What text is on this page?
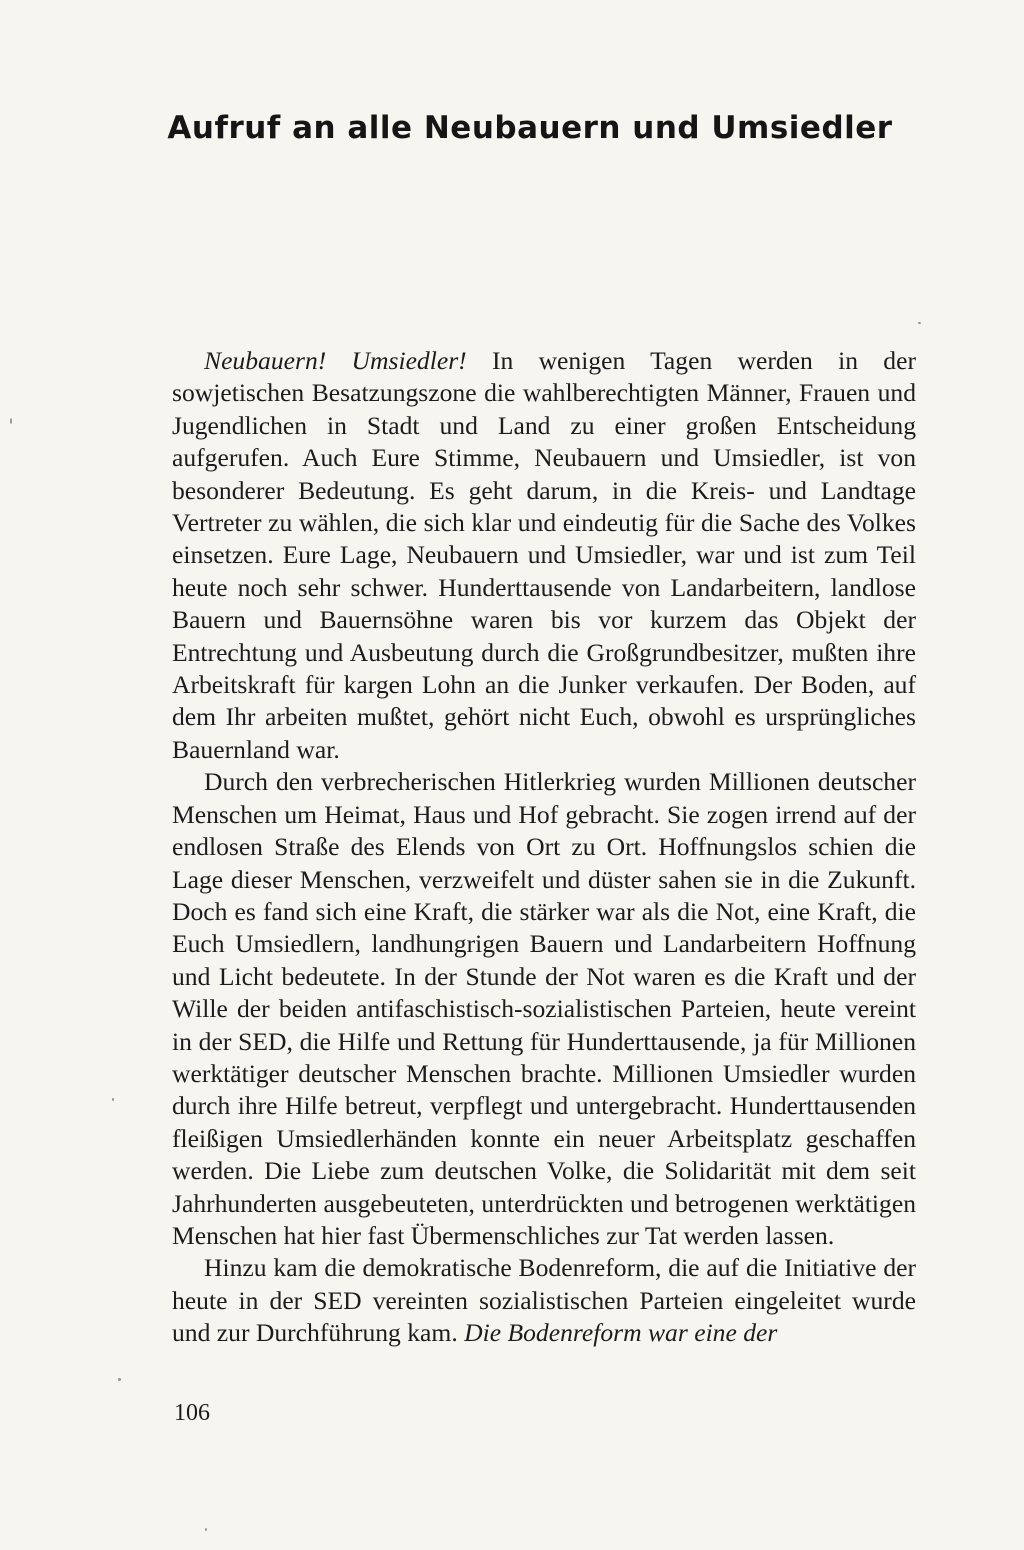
Aufruf an alle Neubauern und Umsiedler

Neubauern! Umsiedler! In wenigen Tagen werden in der sowjetischen Besatzungszone die wahlberechtigten Männer, Frauen und Jugendlichen in Stadt und Land zu einer großen Entscheidung aufgerufen. Auch Eure Stimme, Neubauern und Umsiedler, ist von besonderer Bedeutung. Es geht darum, in die Kreis- und Landtage Vertreter zu wählen, die sich klar und eindeutig für die Sache des Volkes einsetzen. Eure Lage, Neubauern und Umsiedler, war und ist zum Teil heute noch sehr schwer. Hunderttausende von Landarbeitern, landlose Bauern und Bauernsöhne waren bis vor kurzem das Objekt der Entrechtung und Ausbeutung durch die Großgrundbesitzer, mußten ihre Arbeitskraft für kargen Lohn an die Junker verkaufen. Der Boden, auf dem Ihr arbeiten mußtet, gehört nicht Euch, obwohl es ursprüngliches Bauernland war.

Durch den verbrecherischen Hitlerkrieg wurden Millionen deutscher Menschen um Heimat, Haus und Hof gebracht. Sie zogen irrend auf der endlosen Straße des Elends von Ort zu Ort. Hoffnungslos schien die Lage dieser Menschen, verzweifelt und düster sahen sie in die Zukunft. Doch es fand sich eine Kraft, die stärker war als die Not, eine Kraft, die Euch Umsiedlern, landhungrigen Bauern und Landarbeitern Hoffnung und Licht bedeutete. In der Stunde der Not waren es die Kraft und der Wille der beiden antifaschistisch-sozialistischen Parteien, heute vereint in der SED, die Hilfe und Rettung für Hunderttausende, ja für Millionen werktätiger deutscher Menschen brachte. Millionen Umsiedler wurden durch ihre Hilfe betreut, verpflegt und untergebracht. Hunderttausenden fleißigen Umsiedlerhänden konnte ein neuer Arbeitsplatz geschaffen werden. Die Liebe zum deutschen Volke, die Solidarität mit dem seit Jahrhunderten ausgebeuteten, unterdrückten und betrogenen werktätigen Menschen hat hier fast Übermenschliches zur Tat werden lassen.

Hinzu kam die demokratische Bodenreform, die auf die Initiative der heute in der SED vereinten sozialistischen Parteien eingeleitet wurde und zur Durchführung kam. Die Bodenreform war eine der

106
